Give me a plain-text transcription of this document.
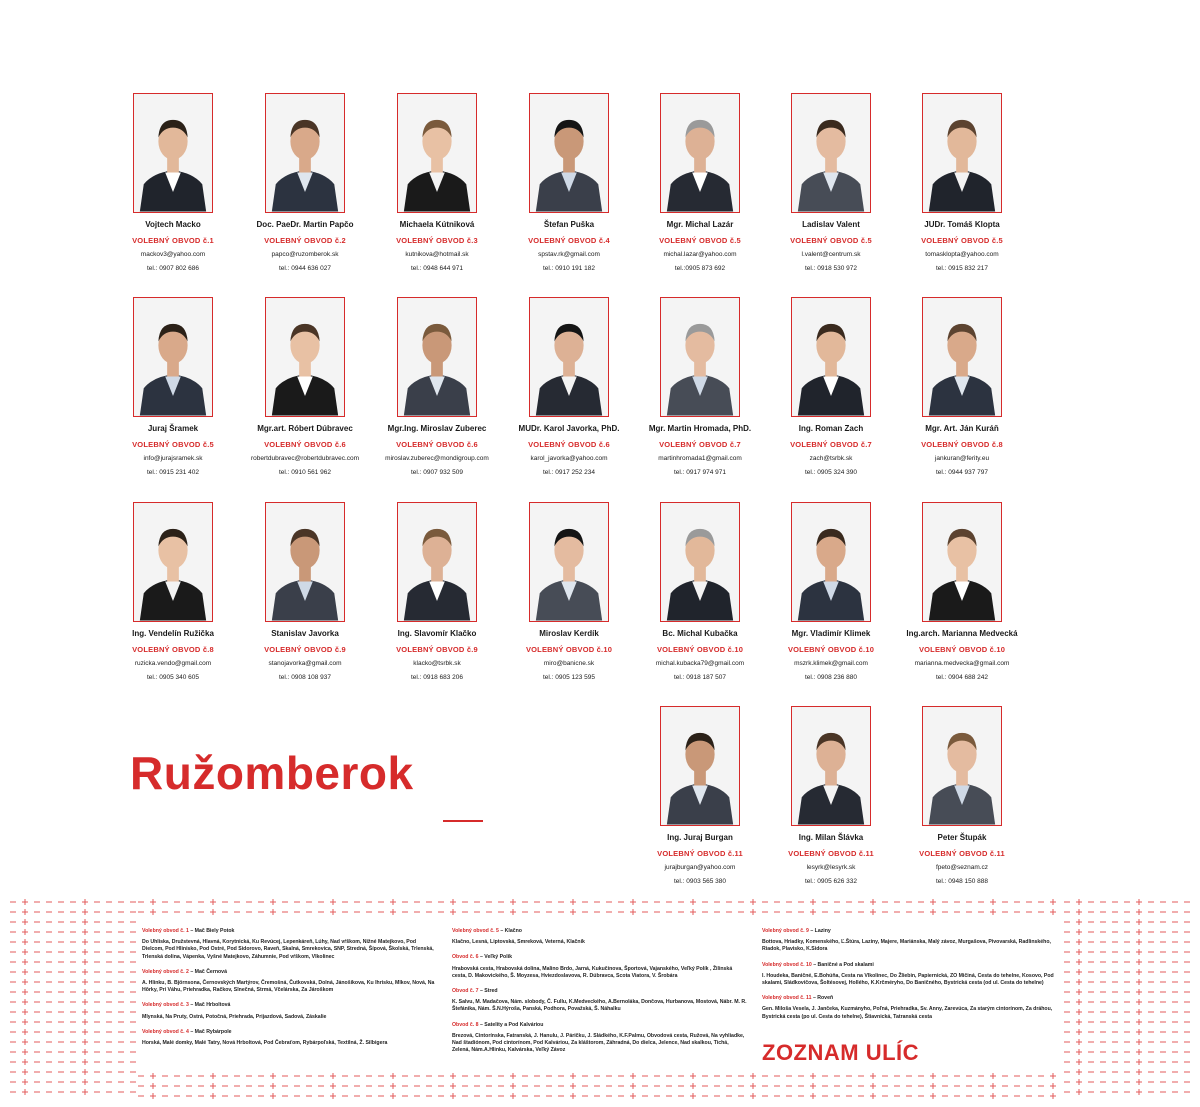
Vojtech Macko
VOLEBNÝ OBVOD č.1
mackov3@yahoo.com
tel.: 0907 802 686
Doc. PaeDr. Martin Papčo
VOLEBNÝ OBVOD č.2
papco@ruzomberok.sk
tel.: 0944 636 027
Michaela Kútniková
VOLEBNÝ OBVOD č.3
kutnikova@hotmail.sk
tel.: 0948 644 971
Štefan Puška
VOLEBNÝ OBVOD č.4
spstav.rk@gmail.com
tel.: 0910 191 182
Mgr. Michal Lazár
VOLEBNÝ OBVOD č.5
michal.lazar@yahoo.com
tel.:0905 873 692
Ladislav Valent
VOLEBNÝ OBVOD č.5
l.valent@centrum.sk
tel.: 0918 530 972
JUDr. Tomáš Klopta
VOLEBNÝ OBVOD č.5
tomasklopta@yahoo.com
tel.: 0915 832 217
Juraj Šramek
VOLEBNÝ OBVOD č.5
info@jurajsramek.sk
tel.: 0915 231 402
Mgr.art. Róbert Dúbravec
VOLEBNÝ OBVOD č.6
robertdubravec@robertdubravec.com
tel.: 0910 561 962
Mgr.Ing. Miroslav Zuberec
VOLEBNÝ OBVOD č.6
miroslav.zuberec@mondigroup.com
tel.: 0907 932 509
MUDr. Karol Javorka, PhD.
VOLEBNÝ OBVOD č.6
karol_javorka@yahoo.com
tel.: 0917 252 234
Mgr. Martin Hromada, PhD.
VOLEBNÝ OBVOD č.7
martinhromada1@gmail.com
tel.: 0917 974 971
Ing. Roman Zach
VOLEBNÝ OBVOD č.7
zach@tsrbk.sk
tel.: 0905 324 390
Mgr. Art. Ján Kuráň
VOLEBNÝ OBVOD č.8
jankuran@ferity.eu
tel.: 0944 937 797
Ing. Vendelín Ružička
VOLEBNÝ OBVOD č.8
ruzicka.vendo@gmail.com
tel.: 0905 340 605
Stanislav Javorka
VOLEBNÝ OBVOD č.9
stanojavorka@gmail.com
tel.: 0908 108 937
Ing. Slavomír Klačko
VOLEBNÝ OBVOD č.9
klacko@tsrbk.sk
tel.: 0918 683 206
Miroslav Kerdík
VOLEBNÝ OBVOD č.10
miro@banicne.sk
tel.: 0905 123 595
Bc. Michal Kubačka
VOLEBNÝ OBVOD č.10
michal.kubacka79@gmail.com
tel.: 0918 187 507
Mgr. Vladimír Klimek
VOLEBNÝ OBVOD č.10
mszrk.klimek@gmail.com
tel.: 0908 236 880
Ing.arch. Marianna Medvecká
VOLEBNÝ OBVOD č.10
marianna.medvecka@gmail.com
tel.: 0904 688 242
Ing. Juraj Burgan
VOLEBNÝ OBVOD č.11
jurajburgan@yahoo.com
tel.: 0903 565 380
Ing. Milan Šlávka
VOLEBNÝ OBVOD č.11
lesyrk@lesyrk.sk
tel.: 0905 626 332
Peter Štupák
VOLEBNÝ OBVOD č.11
fpeto@seznam.cz
tel.: 0948 150 888
Ružomberok
Volebný obvod č. 1 – Mač Biely Potok
Do Uhliska, Družstevná, Hlavná, Korytnická, Ku Revúcej, Lepenkáreň, Lúhy, Nad vŕškom, Nižné Matejkovo, Pod Dielcom, Pod Hlinisko, Pod Ostré, Pod Sidorovo, Raveň, Skalná, Smrekovica, SNP, Stredná, Šípová, Školská, Trlenská, Trlenská dolina, Vápenka, Vyšné Matejkovo, Záhumnie, Pod vŕškom, Vlkolinec
Volebný obvod č. 2 – Mač Černová
A. Hlinku, B. Björnsona, Černovských Martýrov, Čremošná, Čutkovská, Dolná, Jánošíkova, Ku Ihrisku, Mlkov, Nová, Na Hôrky, Pri Váhu, Priehradka, Račkov, Slnečná, Strmá, Včelárska, Za Jároškom
Volebný obvod č. 3 – Mač Hrboltová
Mlynská, Na Pruty, Ostrá, Potočná, Priehrada, Prijazdová, Sadová, Záskalie
Volebný obvod č. 4 – Mač Rybárpole
Horská, Malé domky, Malé Tatry, Nová Hrboltová, Pod Čebraťom, Rybárpoľská, Textilná, Ž. Silbigera
Volebný obvod č. 5 – Klačno
Klačno, Lesná, Liptovská, Smreková, Veterná, Klačník
Obvod č. 6 – Veľký Polík
Hrabovská cesta, Hrabovská dolina, Malino Brdo, Jarná, Kukučínova, Športová, Vajanského, Veľký Polík , Žilinská cesta, D. Makovického, Š. Moyzesa, Hviezdoslavova, R. Dúbravca, Scota Viatora, V. Šrobára
Obvod č. 7 – Stred
K. Salvu, M. Madačova, Nám. slobody, Č. Fullu, K.Medveckého, A.Bernoláka, Dončova, Hurbanova, Mostová, Nábr. M. R. Štefánika, Nám. Š.N.Hýroša, Panská, Podhora, Považská, Š. Náhalku
Obvod č. 8 – Satelity a Pod Kalváriou
Brezová, Cintorínska, Fatranská, J. Hanulu, J. Páričku, J. Sládkého, K.F.Palmu, Obvodová cesta, Ružová, Na vyhliadke, Nad štadiónom, Pod cintorínom, Pod Kalváriou, Za kláštorom, Záhradná, Do dielca, Jelence, Nad skalkou, Tichá, Zelená, Nám.A.Hlinku, Kalvárska, Veľký Závoz
Volebný obvod č. 9 – Laziny
Bottova, Hriadky, Komenského, Ľ.Štúra, Laziny, Majere, Mariánska, Malý závoz, Murgašova, Pivovarská, Radlinského, Riadok, Plavisko, K.Sidora
Volebný obvod č. 10 – Baničné a Pod skalami
I. Houdeka, Baničné, E.Bohúňa, Cesta na Vlkolinec, Do Žliebin, Papiernická, ZO Mičiná, Cesta do tehelne, Kosovo, Pod skalami, Sládkovičova, Šoltésovej, Hollého, K.Krčméryho, Do Baničného, Bystrická cesta (od ul. Cesta do tehelne)
Volebný obvod č. 11 – Roveň
Gen. Miloša Vesela, J. Jančeka, Kuzmányho, Poľná, Priehradka, Sv. Anny, Zarevúca, Za starým cintorínom, Za dráhou, Bystrická cesta (po ul. Cesta do tehelne), Štiavnická, Tatranská cesta
ZOZNAM ULÍC
